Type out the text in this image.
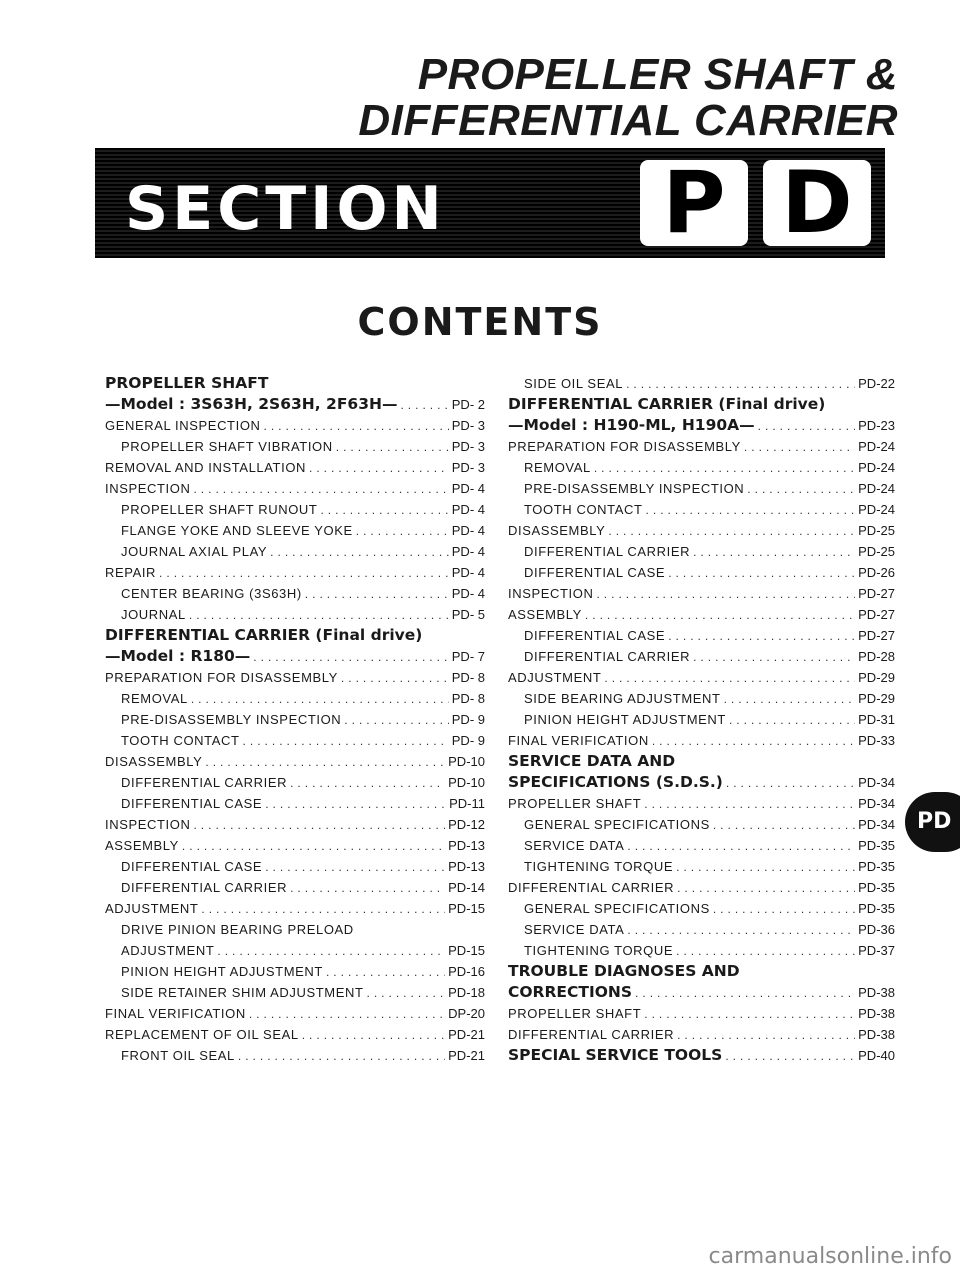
PROPELLER SHAFT &
DIFFERENTIAL CARRIER
SECTION	P D
CONTENTS
PROPELLER SHAFT
—Model : 3S63H, 2S63H, 2F63H— .....	PD- 2
GENERAL INSPECTION .....	PD- 3
PROPELLER SHAFT VIBRATION .....	PD- 3
REMOVAL AND INSTALLATION .....	PD- 3
INSPECTION .....	PD- 4
PROPELLER SHAFT RUNOUT .....	PD- 4
FLANGE YOKE AND SLEEVE YOKE .....	PD- 4
JOURNAL AXIAL PLAY .....	PD- 4
REPAIR .....	PD- 4
CENTER BEARING (3S63H) .....	PD- 4
JOURNAL .....	PD- 5
DIFFERENTIAL CARRIER (Final drive)
—Model : R180— .....	PD- 7
PREPARATION FOR DISASSEMBLY .....	PD- 8
REMOVAL .....	PD- 8
PRE-DISASSEMBLY INSPECTION .....	PD- 9
TOOTH CONTACT .....	PD- 9
DISASSEMBLY .....	PD-10
DIFFERENTIAL CARRIER .....	PD-10
DIFFERENTIAL CASE .....	PD-11
INSPECTION .....	PD-12
ASSEMBLY .....	PD-13
DIFFERENTIAL CASE .....	PD-13
DIFFERENTIAL CARRIER .....	PD-14
ADJUSTMENT .....	PD-15
DRIVE PINION BEARING PRELOAD
ADJUSTMENT .....	PD-15
PINION HEIGHT ADJUSTMENT .....	PD-16
SIDE RETAINER SHIM ADJUSTMENT .....	PD-18
FINAL VERIFICATION .....	DP-20
REPLACEMENT OF OIL SEAL .....	PD-21
FRONT OIL SEAL .....	PD-21
SIDE OIL SEAL .....	PD-22
DIFFERENTIAL CARRIER (Final drive)
—Model : H190-ML, H190A— .....	PD-23
PREPARATION FOR DISASSEMBLY .....	PD-24
REMOVAL .....	PD-24
PRE-DISASSEMBLY INSPECTION .....	PD-24
TOOTH CONTACT .....	PD-24
DISASSEMBLY .....	PD-25
DIFFERENTIAL CARRIER .....	PD-25
DIFFERENTIAL CASE .....	PD-26
INSPECTION .....	PD-27
ASSEMBLY .....	PD-27
DIFFERENTIAL CASE .....	PD-27
DIFFERENTIAL CARRIER .....	PD-28
ADJUSTMENT .....	PD-29
SIDE BEARING ADJUSTMENT .....	PD-29
PINION HEIGHT ADJUSTMENT .....	PD-31
FINAL VERIFICATION .....	PD-33
SERVICE DATA AND
SPECIFICATIONS (S.D.S.) .....	PD-34
PROPELLER SHAFT .....	PD-34
GENERAL SPECIFICATIONS .....	PD-34
SERVICE DATA .....	PD-35
TIGHTENING TORQUE .....	PD-35
DIFFERENTIAL CARRIER .....	PD-35
GENERAL SPECIFICATIONS .....	PD-35
SERVICE DATA .....	PD-36
TIGHTENING TORQUE .....	PD-37
TROUBLE DIAGNOSES AND
CORRECTIONS .....	PD-38
PROPELLER SHAFT .....	PD-38
DIFFERENTIAL CARRIER .....	PD-38
SPECIAL SERVICE TOOLS .....	PD-40
PD
carmanualsonline.info
